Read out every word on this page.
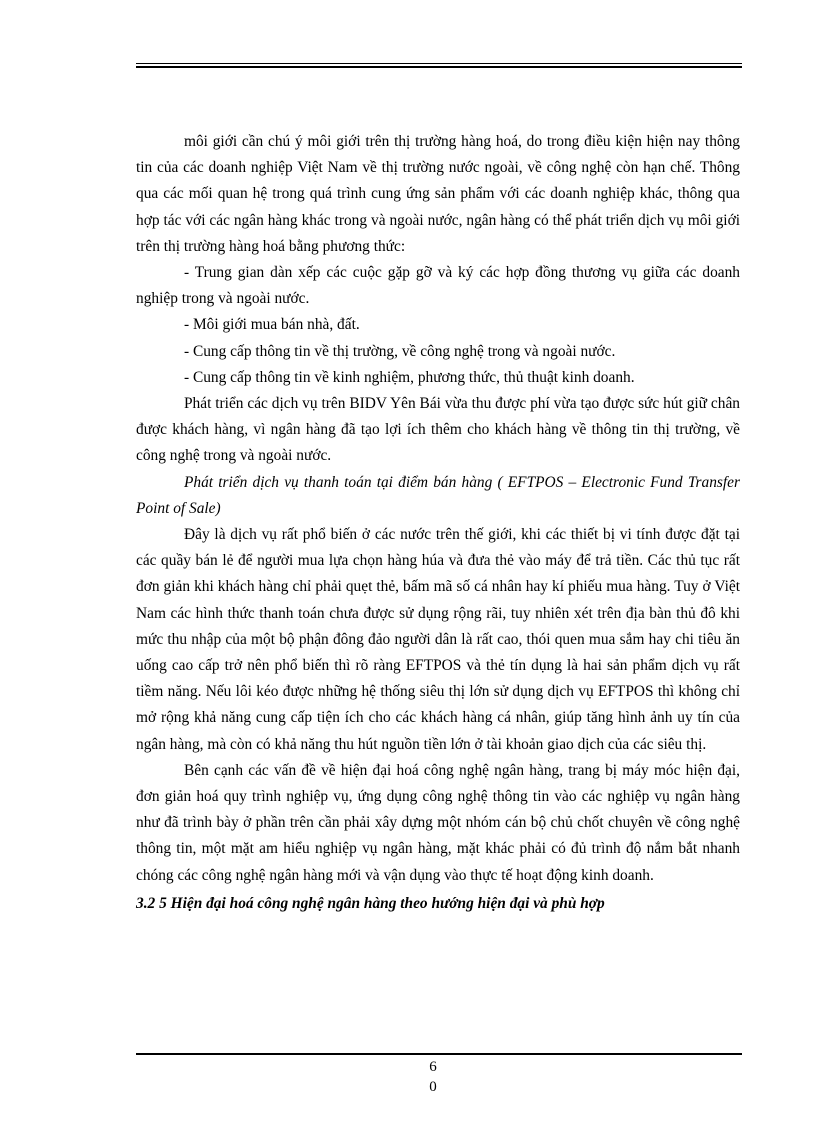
môi giới cần chú ý môi giới trên thị trường hàng hoá, do trong điều kiện hiện nay thông tin của các doanh nghiệp Việt Nam về thị trường nước ngoài, về công nghệ còn hạn chế. Thông qua các mối quan hệ trong quá trình cung ứng sản phẩm với các doanh nghiệp khác, thông qua hợp tác với các ngân hàng khác trong và ngoài nước, ngân hàng có thể phát triển dịch vụ môi giới trên thị trường hàng hoá bằng phương thức:

- Trung gian dàn xếp các cuộc gặp gỡ và ký các hợp đồng thương vụ giữa các doanh nghiệp trong và ngoài nước.

- Môi giới mua bán nhà, đất.

- Cung cấp thông tin về thị trường, về công nghệ trong và ngoài nước.

- Cung cấp thông tin về kinh nghiệm, phương thức, thủ thuật kinh doanh.

Phát triển các dịch vụ trên BIDV Yên Bái vừa thu được phí vừa tạo được sức hút giữ chân được khách hàng, vì ngân hàng đã tạo lợi ích thêm cho khách hàng về thông tin thị trường, về công nghệ trong và ngoài nước.

Phát triển dịch vụ thanh toán tại điểm bán hàng ( EFTPOS – Electronic Fund Transfer Point of Sale)

Đây là dịch vụ rất phổ biến ở các nước trên thế giới, khi các thiết bị vi tính được đặt tại các quầy bán lẻ để người mua lựa chọn hàng húa và đưa thẻ vào máy để trả tiền. Các thủ tục rất đơn giản khi khách hàng chỉ phải quẹt thẻ, bấm mã số cá nhân hay kí phiếu mua hàng. Tuy ở Việt Nam các hình thức thanh toán chưa được sử dụng rộng rãi, tuy nhiên xét trên địa bàn thủ đô khi mức thu nhập của một bộ phận đông đảo người dân là rất cao, thói quen mua sắm hay chi tiêu ăn uống cao cấp trở nên phổ biến thì rõ ràng EFTPOS và thẻ tín dụng là hai sản phẩm dịch vụ rất tiềm năng. Nếu lôi kéo được những hệ thống siêu thị lớn sử dụng dịch vụ EFTPOS thì không chỉ mở rộng khả năng cung cấp tiện ích cho các khách hàng cá nhân, giúp tăng hình ảnh uy tín của ngân hàng, mà còn có khả năng thu hút nguồn tiền lớn ở tài khoản giao dịch của các siêu thị.

Bên cạnh các vấn đề về hiện đại hoá công nghệ ngân hàng, trang bị máy móc hiện đại, đơn giản hoá quy trình nghiệp vụ, ứng dụng công nghệ thông tin vào các nghiệp vụ ngân hàng như đã trình bày ở phần trên cần phải xây dựng một nhóm cán bộ chủ chốt chuyên về công nghệ thông tin, một mặt am hiểu nghiệp vụ ngân hàng, mặt khác phải có đủ trình độ nắm bắt nhanh chóng các công nghệ ngân hàng mới và vận dụng vào thực tế hoạt động kinh doanh.

3.2 5 Hiện đại hoá công nghệ ngân hàng theo hướng hiện đại và phù hợp

6
0
